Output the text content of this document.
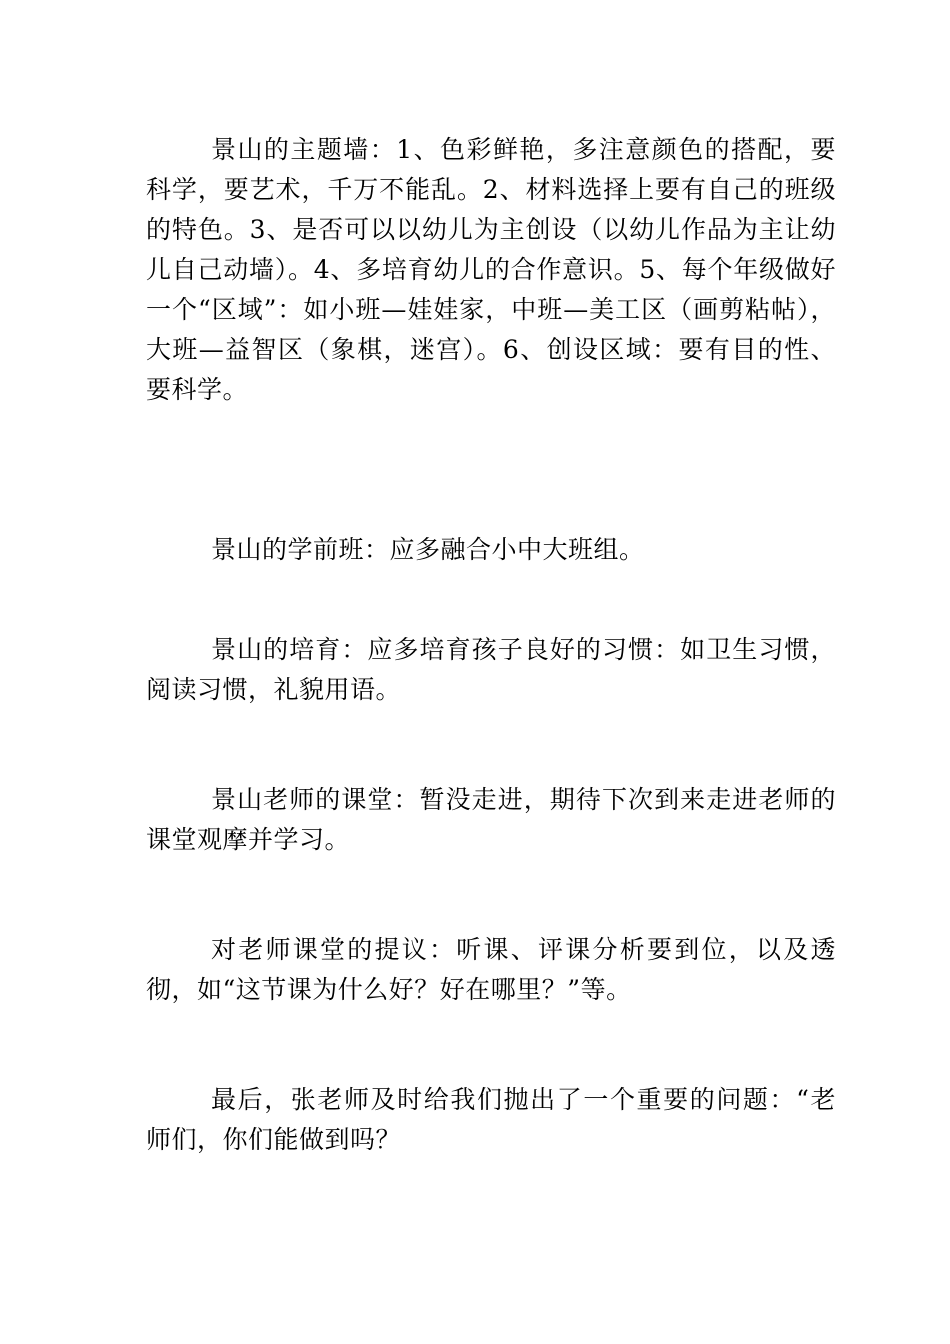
景山的主题墙：1、色彩鲜艳，多注意颜色的搭配，要科学，要艺术，千万不能乱。2、材料选择上要有自己的班级的特色。3、是否可以以幼儿为主创设（以幼儿作品为主让幼儿自己动墙）。4、多培育幼儿的合作意识。5、每个年级做好一个“区域”：如小班—娃娃家，中班—美工区（画剪粘帖），大班—益智区（象棋，迷宫）。6、创设区域：要有目的性、要科学。

景山的学前班：应多融合小中大班组。

景山的培育：应多培育孩子良好的习惯：如卫生习惯，阅读习惯，礼貌用语。

景山老师的课堂：暂没走进，期待下次到来走进老师的课堂观摩并学习。

对老师课堂的提议：听课、评课分析要到位，以及透彻，如“这节课为什么好？好在哪里？”等。

最后，张老师及时给我们抛出了一个重要的问题：“老师们，你们能做到吗？
